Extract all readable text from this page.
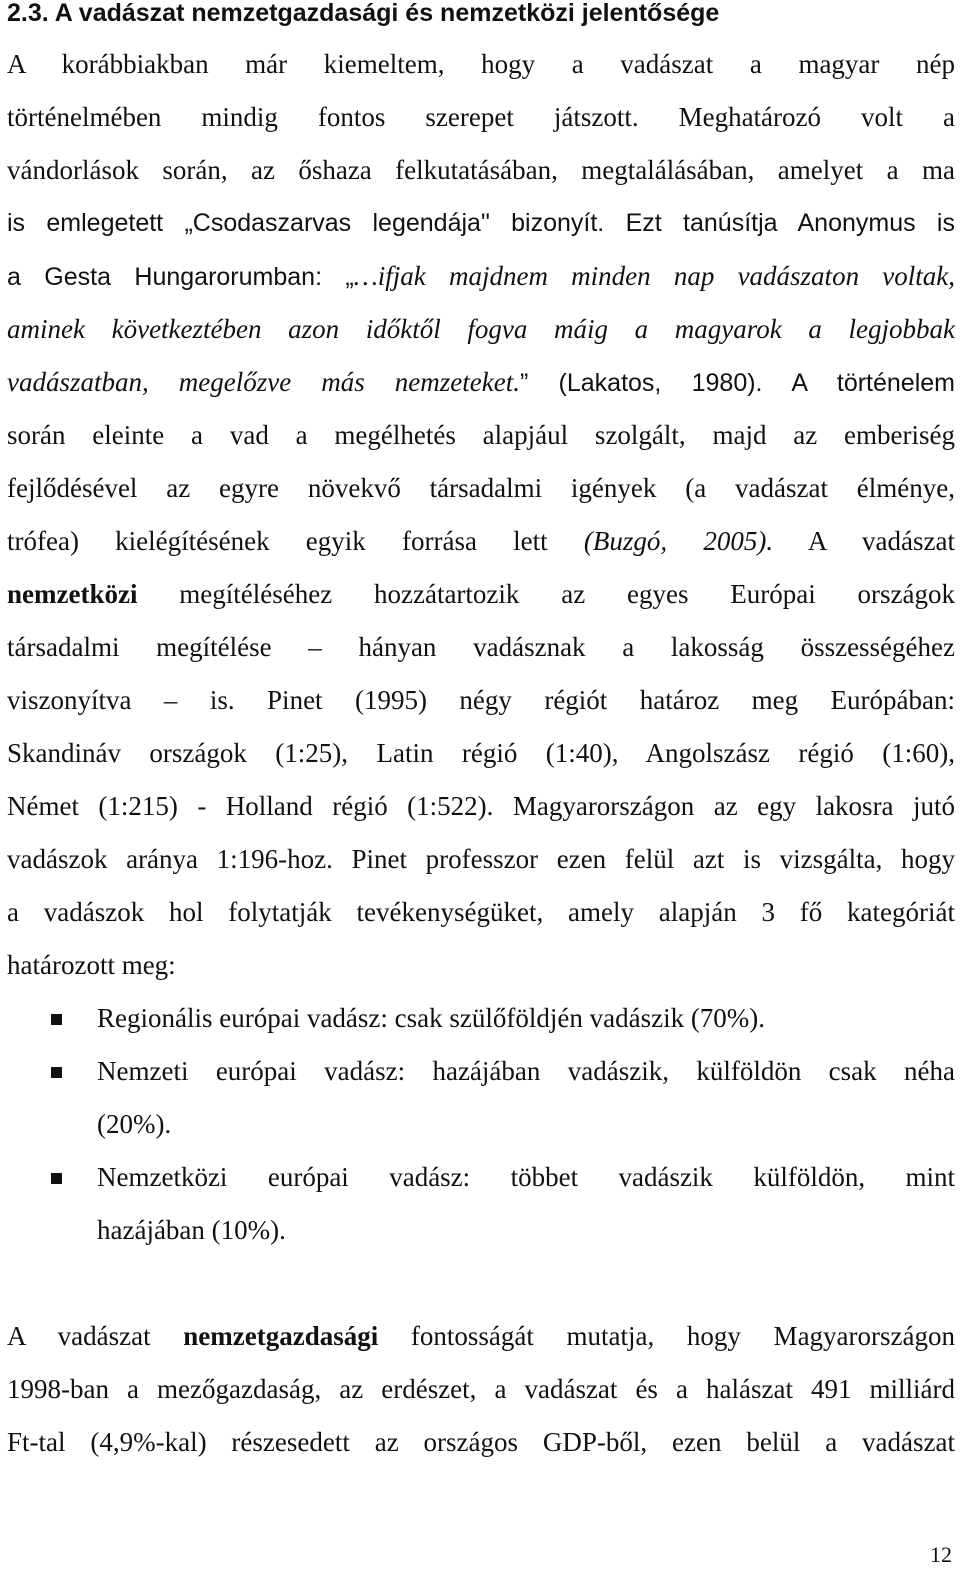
2.3. A vadászat nemzetgazdasági és nemzetközi jelentősége
A korábbiakban már kiemeltem, hogy a vadászat a magyar nép
történelmében mindig fontos szerepet játszott. Meghatározó volt a
vándorlások során, az őshaza felkutatásában, megtalálásában, amelyet a ma
is emlegetett „Csodaszarvas legendája" bizonyít. Ezt tanúsítja Anonymus is
a Gesta Hungarorumban: „…ifjak majdnem minden nap vadászaton voltak,
aminek következtében azon időktől fogva máig a magyarok a legjobbak
vadászatban, megelőzve más nemzeteket.” (Lakatos, 1980). A történelem
során eleinte a vad a megélhetés alapjául szolgált, majd az emberiség
fejlődésével az egyre növekvő társadalmi igények (a vadászat élménye,
trófea) kielégítésének egyik forrása lett (Buzgó, 2005). A vadászat
nemzetközi megítéléséhez hozzátartozik az egyes Európai országok
társadalmi megítélése – hányan vadásznak a lakosság összességéhez
viszonyítva – is. Pinet (1995) négy régiót határoz meg Európában:
Skandináv országok (1:25), Latin régió (1:40), Angolszász régió (1:60),
Német (1:215) - Holland régió (1:522). Magyarországon az egy lakosra jutó
vadászok aránya 1:196-hoz. Pinet professzor ezen felül azt is vizsgálta, hogy
a vadászok hol folytatják tevékenységüket, amely alapján 3 fő kategóriát
határozott meg:
Regionális európai vadász: csak szülőföldjén vadászik (70%).
Nemzeti európai vadász: hazájában vadászik, külföldön csak néha
(20%).
Nemzetközi európai vadász: többet vadászik külföldön, mint
hazájában (10%).
A vadászat nemzetgazdasági fontosságát mutatja, hogy Magyarországon
1998-ban a mezőgazdaság, az erdészet, a vadászat és a halászat 491 milliárd
Ft-tal (4,9%-kal) részesedett az országos GDP-ből, ezen belül a vadászat
12
